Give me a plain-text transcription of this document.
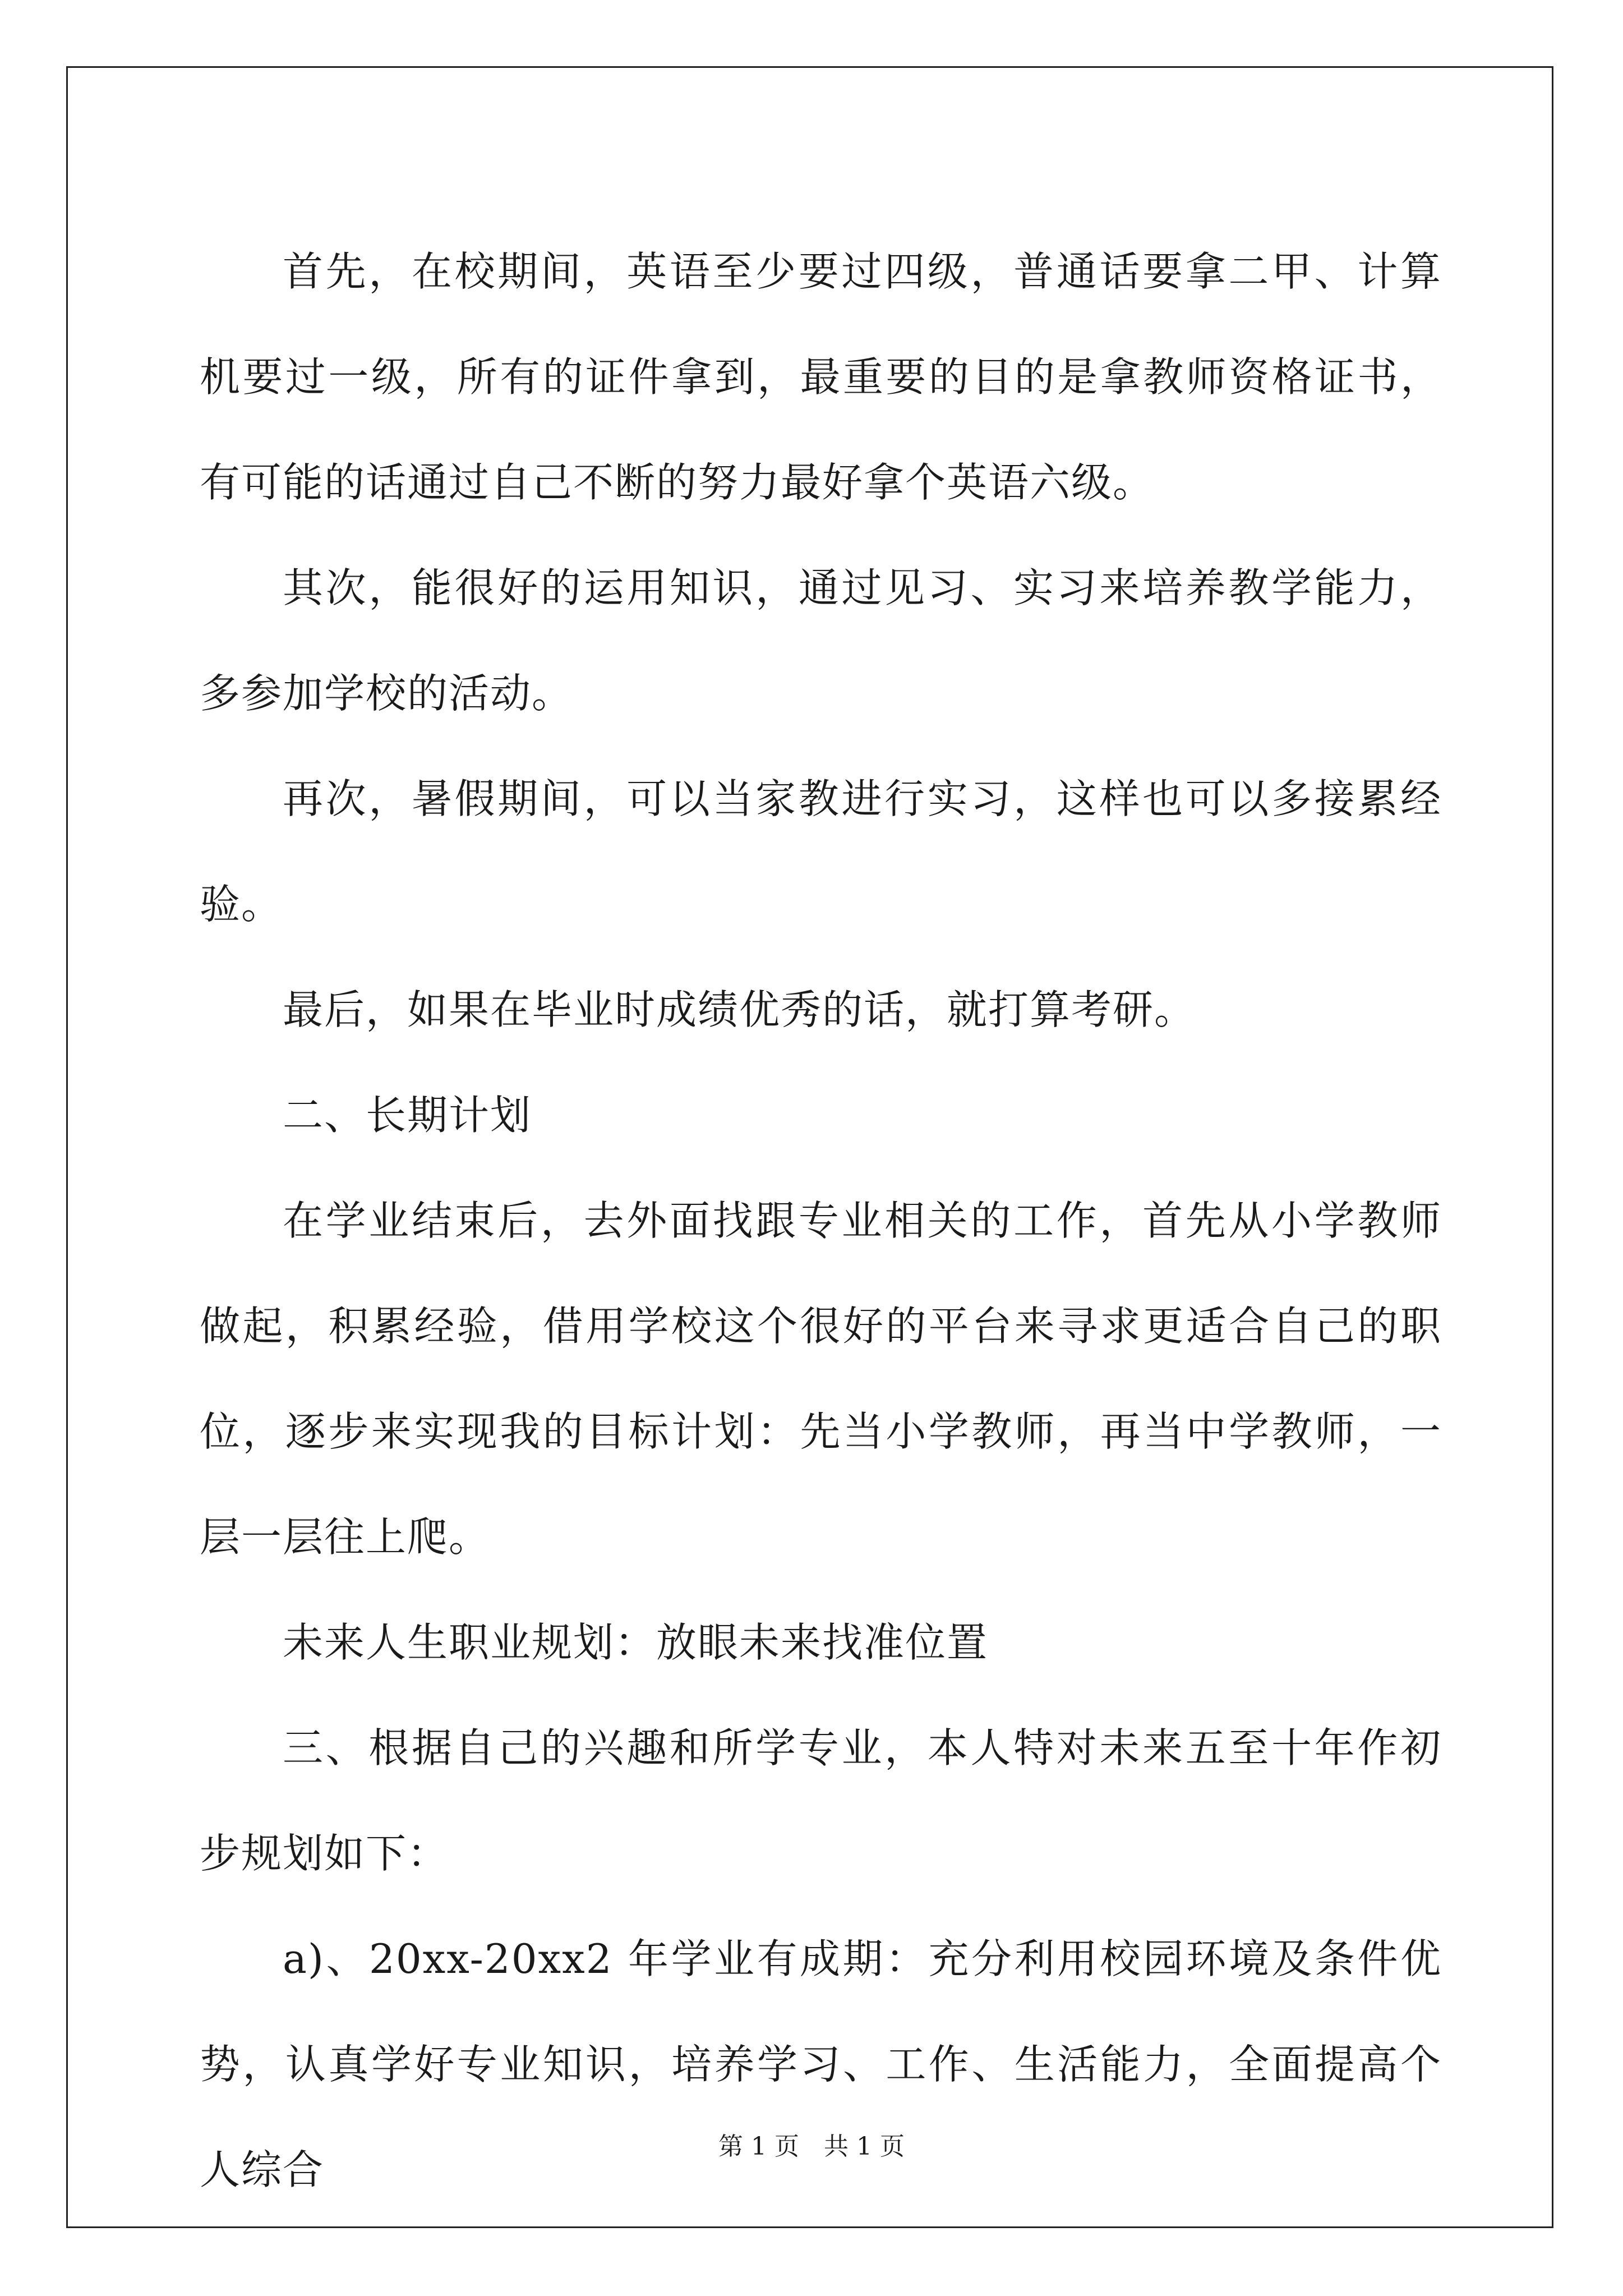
首先，在校期间，英语至少要过四级，普通话要拿二甲、计算机要过一级，所有的证件拿到，最重要的目的是拿教师资格证书，有可能的话通过自己不断的努力最好拿个英语六级。

其次，能很好的运用知识，通过见习、实习来培养教学能力，多参加学校的活动。

再次，暑假期间，可以当家教进行实习，这样也可以多接累经验。

最后，如果在毕业时成绩优秀的话，就打算考研。

二、长期计划

在学业结束后，去外面找跟专业相关的工作，首先从小学教师做起，积累经验，借用学校这个很好的平台来寻求更适合自己的职位，逐步来实现我的目标计划：先当小学教师，再当中学教师，一层一层往上爬。

未来人生职业规划：放眼未来找准位置

三、根据自己的兴趣和所学专业，本人特对未来五至十年作初步规划如下：

a)、20xx-20xx2 年学业有成期：充分利用校园环境及条件优势，认真学好专业知识，培养学习、工作、生活能力，全面提高个人综合	第 1 页　共 1 页
